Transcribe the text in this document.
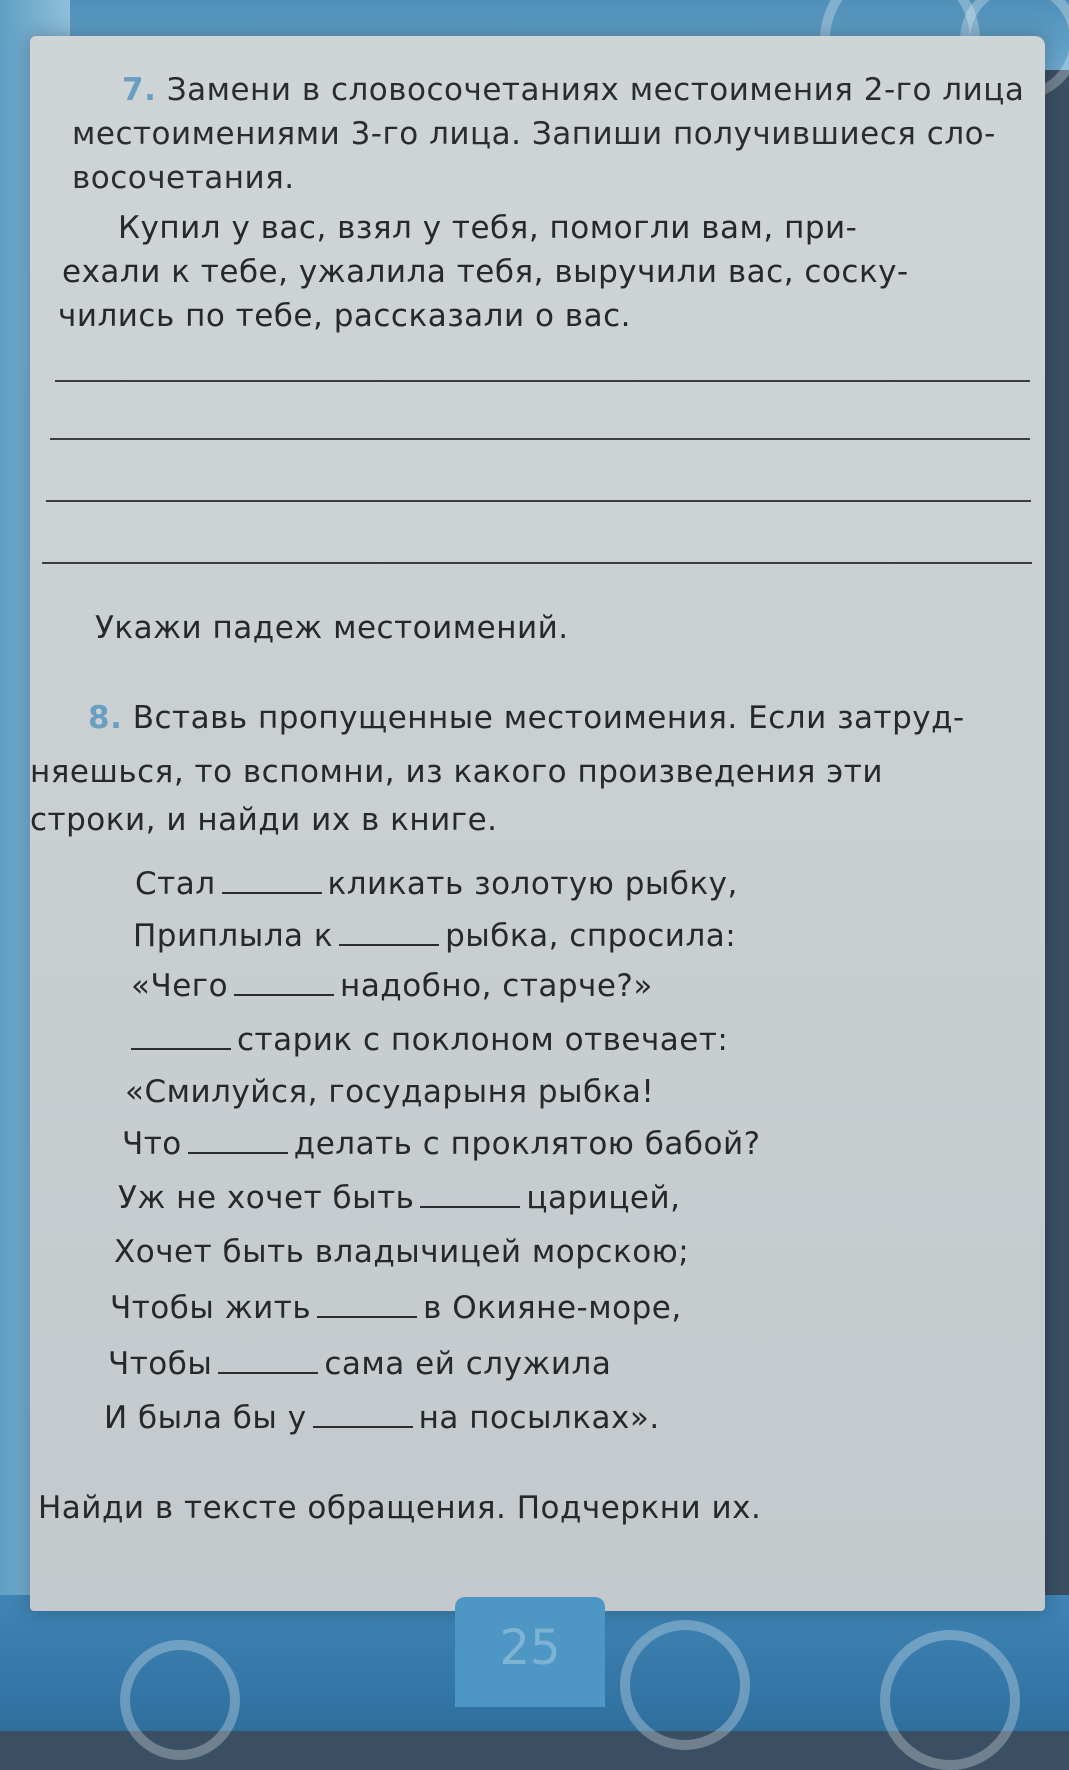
7. Замени в словосочетаниях местоимения 2-го лица
местоимениями 3-го лица. Запиши получившиеся сло-
восочетания.
Купил у вас, взял у тебя, помогли вам, при-
ехали к тебе, ужалила тебя, выручили вас, соску-
чились по тебе, рассказали о вас.
Укажи падеж местоимений.
8. Вставь пропущенные местоимения. Если затруд-
няешься, то вспомни, из какого произведения эти
строки, и найди их в книге.
Стал	кликать золотую рыбку,
Приплыла к	рыбка, спросила:
«Чего	надобно, старче?»
старик с поклоном отвечает:
«Смилуйся, государыня рыбка!
Что	делать с проклятою бабой?
Уж не хочет быть	царицей,
Хочет быть владычицей морскою;
Чтобы жить	в Окияне-море,
Чтобы	сама ей служила
И была бы у	на посылках».
Найди в тексте обращения. Подчеркни их.
25
